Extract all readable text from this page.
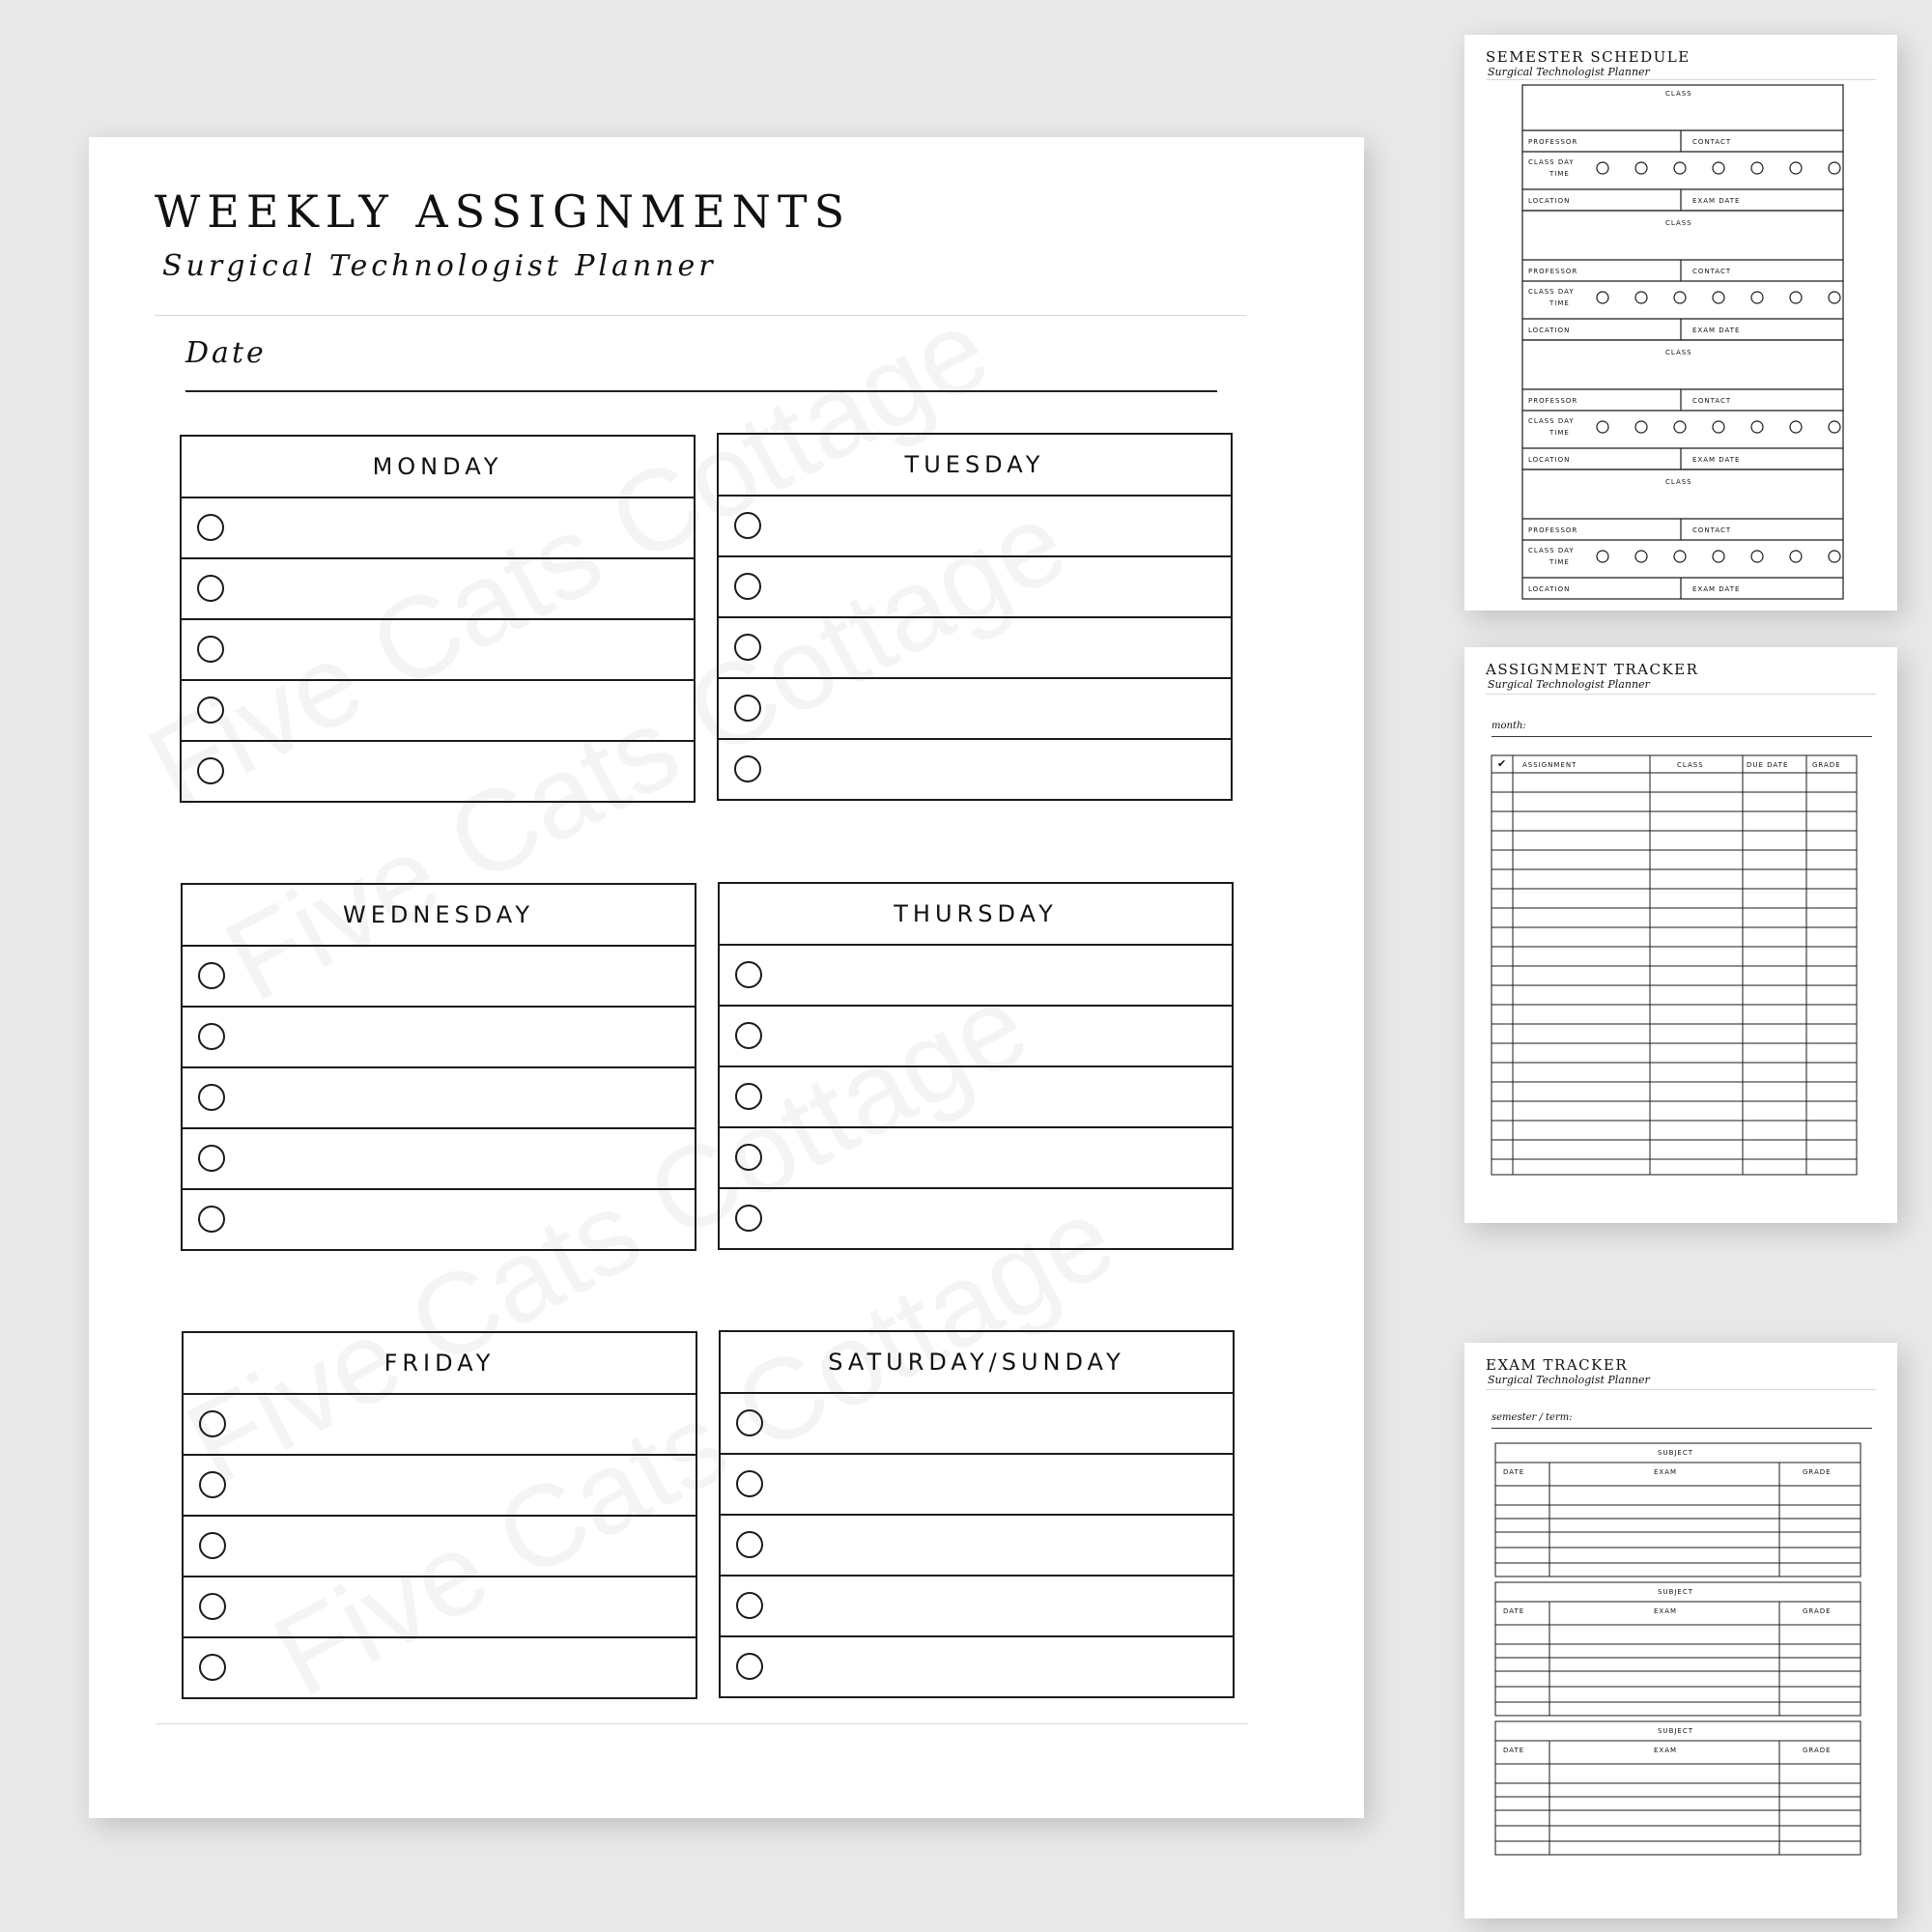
WEEKLY ASSIGNMENTS
Surgical Technologist Planner
Date
MONDAY	TUESDAY
WEDNESDAY	THURSDAY
FRIDAY	SATURDAY/SUNDAY
SEMESTER SCHEDULE
Surgical Technologist Planner
CLASS
PROFESSOR	CONTACT
CLASS DAY
TIME
LOCATION	EXAM DATE
CLASS
PROFESSOR	CONTACT
CLASS DAY
TIME
LOCATION	EXAM DATE
CLASS
PROFESSOR	CONTACT
CLASS DAY
TIME
LOCATION	EXAM DATE
CLASS
PROFESSOR	CONTACT
CLASS DAY
TIME
LOCATION	EXAM DATE
ASSIGNMENT TRACKER
Surgical Technologist Planner
month:
✔ ASSIGNMENT	CLASS	DUE DATE	GRADE
EXAM TRACKER
Surgical Technologist Planner
semester / term:
SUBJECT
DATE	EXAM	GRADE
SUBJECT
DATE	EXAM	GRADE
SUBJECT
DATE	EXAM	GRADE
